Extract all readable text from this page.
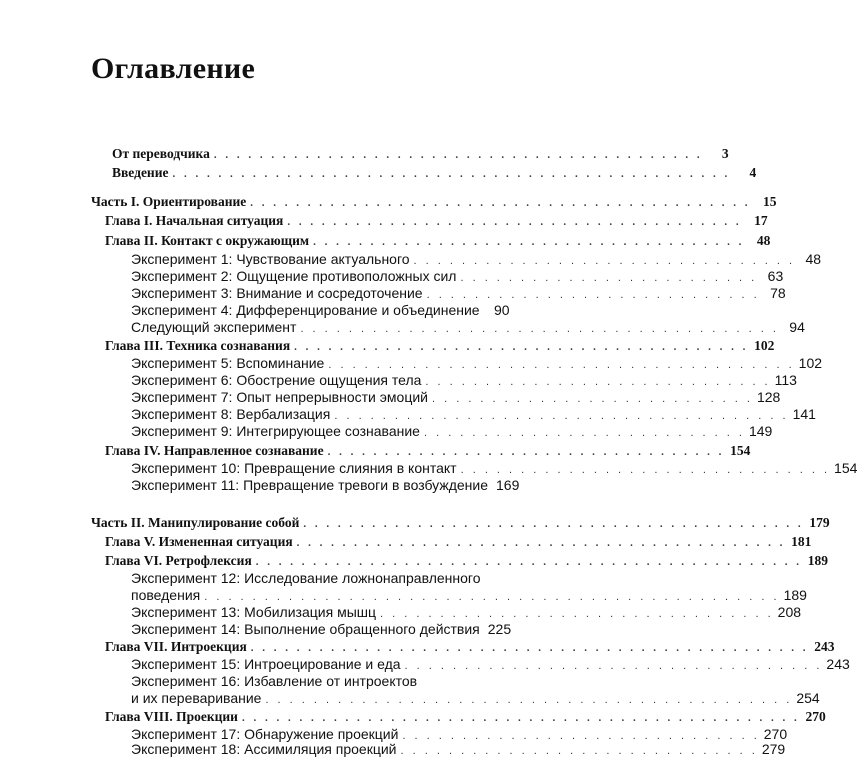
Оглавление
От переводчика . . . . . . . . . . . . . . . . . . . . . . . . . . . . . . . . . . . . . . . . . . .	3
Введение . . . . . . . . . . . . . . . . . . . . . . . . . . . . . . . . . . . . . . . . . . . . . . . . .	4
Часть I. Ориентирование . . . . . . . . . . . . . . . . . . . . . . . . . . . . . . . . . . . . . . . . . . . . 15
Глава I. Начальная ситуация . . . . . . . . . . . . . . . . . . . . . . . . . . . . . . . . . . . . . . . . 17
Глава II. Контакт с окружающим . . . . . . . . . . . . . . . . . . . . . . . . . . . . . . . . . . . . . . 48
Эксперимент 1: Чувствование актуального . . . . . . . . . . . . . . . . . . . . . . . . . . . . . . . . 48
Эксперимент 2: Ощущение противоположных сил . . . . . . . . . . . . . . . . . . . . . . . . . 63
Эксперимент 3: Внимание и сосредоточение . . . . . . . . . . . . . . . . . . . . . . . . . . . . 78
Эксперимент 4: Дифференцирование и объединение	90
Следующий эксперимент . . . . . . . . . . . . . . . . . . . . . . . . . . . . . . . . . . . . . . . . 94
Глава III. Техника сознавания . . . . . . . . . . . . . . . . . . . . . . . . . . . . . . . . . . . . . . . . 102
Эксперимент 5: Вспоминание . . . . . . . . . . . . . . . . . . . . . . . . . . . . . . . . . . . . . . . 102
Эксперимент 6: Обострение ощущения тела . . . . . . . . . . . . . . . . . . . . . . . . . . . . . 113
Эксперимент 7: Опыт непрерывности эмоций . . . . . . . . . . . . . . . . . . . . . . . . . . . 128
Эксперимент 8: Вербализация . . . . . . . . . . . . . . . . . . . . . . . . . . . . . . . . . . . . . . 141
Эксперимент 9: Интегрирующее сознавание . . . . . . . . . . . . . . . . . . . . . . . . . . . 149
Глава IV. Направленное сознавание . . . . . . . . . . . . . . . . . . . . . . . . . . . . . . . . . . . 154
Эксперимент 10: Превращение слияния в контакт . . . . . . . . . . . . . . . . . . . . . . . . . . . . . . . 154
Эксперимент 11: Превращение тревоги в возбуждение 169
Часть II. Манипулирование собой . . . . . . . . . . . . . . . . . . . . . . . . . . . . . . . . . . . . . . . . . . . . 179
Глава V. Измененная ситуация . . . . . . . . . . . . . . . . . . . . . . . . . . . . . . . . . . . . . . . . . . . 181
Глава VI. Ретрофлексия . . . . . . . . . . . . . . . . . . . . . . . . . . . . . . . . . . . . . . . . . . . . . . . . 189
Эксперимент 12: Исследование ложнонаправленного
поведения . . . . . . . . . . . . . . . . . . . . . . . . . . . . . . . . . . . . . . . . . . . . . . . . 189
Эксперимент 13: Мобилизация мышц . . . . . . . . . . . . . . . . . . . . . . . . . . . . . . . . . 208
Эксперимент 14: Выполнение обращенного действия 225
Глава VII. Интроекция . . . . . . . . . . . . . . . . . . . . . . . . . . . . . . . . . . . . . . . . . . . . . . . . . 243
Эксперимент 15: Интроецирование и еда . . . . . . . . . . . . . . . . . . . . . . . . . . . . . . . . . . . 243
Эксперимент 16: Избавление от интроектов
и их переваривание . . . . . . . . . . . . . . . . . . . . . . . . . . . . . . . . . . . . . . . . . . . . 254
Глава VIII. Проекции . . . . . . . . . . . . . . . . . . . . . . . . . . . . . . . . . . . . . . . . . . . . . . . . . 270
Эксперимент 17: Обнаружение проекций . . . . . . . . . . . . . . . . . . . . . . . . . . . . . . 270
Эксперимент 18: Ассимиляция проекций . . . . . . . . . . . . . . . . . . . . . . . . . . . . . . 279
